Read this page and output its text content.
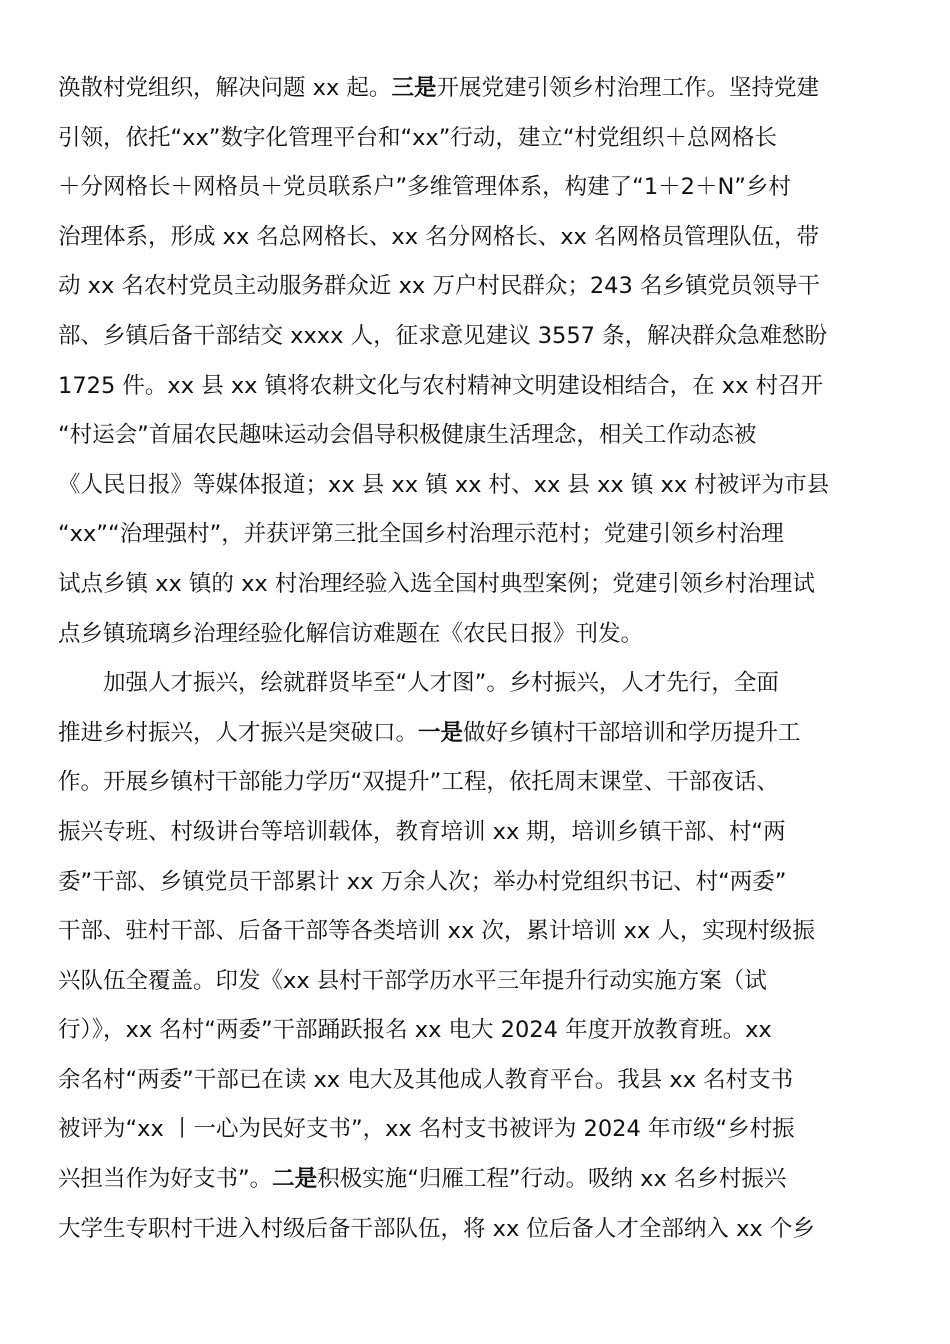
涣散村党组织，解决问题 xx 起。三是开展党建引领乡村治理工作。坚持党建
引领，依托“xx”数字化管理平台和“xx”行动，建立“村党组织＋总网格长
＋分网格长＋网格员＋党员联系户”多维管理体系，构建了“1＋2＋N”乡村
治理体系，形成 xx 名总网格长、xx 名分网格长、xx 名网格员管理队伍，带
动 xx 名农村党员主动服务群众近 xx 万户村民群众；243 名乡镇党员领导干
部、乡镇后备干部结交 xxxx 人，征求意见建议 3557 条，解决群众急难愁盼
1725 件。xx 县 xx 镇将农耕文化与农村精神文明建设相结合，在 xx 村召开
“村运会”首届农民趣味运动会倡导积极健康生活理念，相关工作动态被
《人民日报》等媒体报道；xx 县 xx 镇 xx 村、xx 县 xx 镇 xx 村被评为市县
“xx”“治理强村”，并获评第三批全国乡村治理示范村；党建引领乡村治理
试点乡镇 xx 镇的 xx 村治理经验入选全国村典型案例；党建引领乡村治理试
点乡镇琉璃乡治理经验化解信访难题在《农民日报》刊发。
加强人才振兴，绘就群贤毕至“人才图”。乡村振兴，人才先行，全面
推进乡村振兴，人才振兴是突破口。一是做好乡镇村干部培训和学历提升工
作。开展乡镇村干部能力学历“双提升”工程，依托周末课堂、干部夜话、
振兴专班、村级讲台等培训载体，教育培训 xx 期，培训乡镇干部、村“两
委”干部、乡镇党员干部累计 xx 万余人次；举办村党组织书记、村“两委”
干部、驻村干部、后备干部等各类培训 xx 次，累计培训 xx 人，实现村级振
兴队伍全覆盖。印发《xx 县村干部学历水平三年提升行动实施方案（试
行）》，xx 名村“两委”干部踊跃报名 xx 电大 2024 年度开放教育班。xx
余名村“两委”干部已在读 xx 电大及其他成人教育平台。我县 xx 名村支书
被评为“xx 丨一心为民好支书”，xx 名村支书被评为 2024 年市级“乡村振
兴担当作为好支书”。二是积极实施“归雁工程”行动。吸纳 xx 名乡村振兴
大学生专职村干进入村级后备干部队伍，将 xx 位后备人才全部纳入 xx 个乡
